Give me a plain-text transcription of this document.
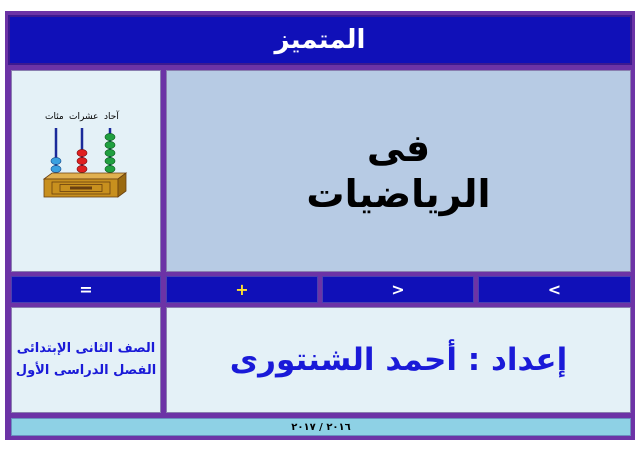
المتميز
مئات عشرات آحاد
فى
الرياضيات
=	+	>	<
الصف الثانى الإبتدائى
الفصل الدراسى الأول إعداد : أحمد الشنتورى
٢٠١٦ / ٢٠١٧
